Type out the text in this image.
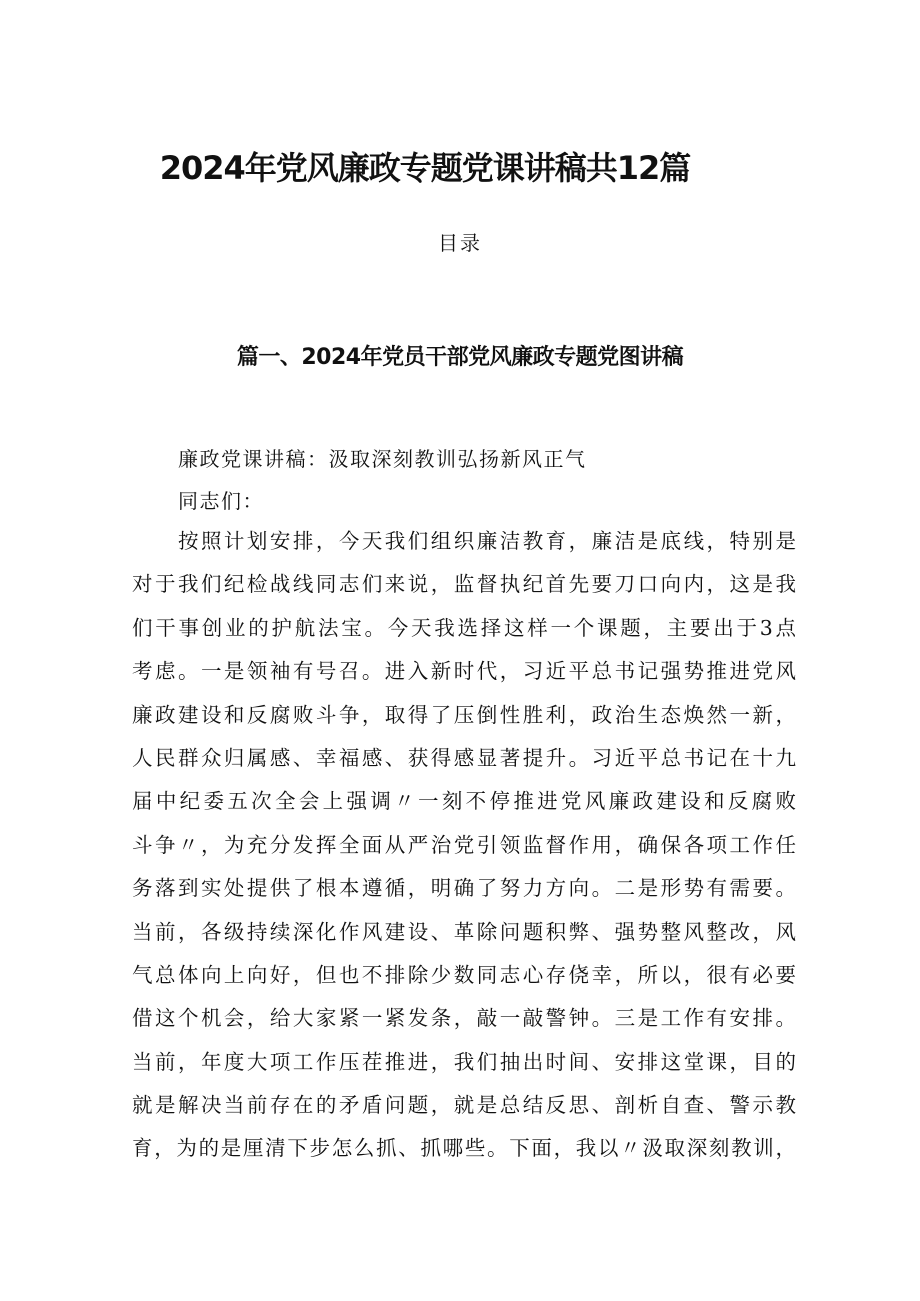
2024年党风廉政专题党课讲稿共12篇
目录
篇一、2024年党员干部党风廉政专题党图讲稿
廉政党课讲稿：汲取深刻教训弘扬新风正气
同志们：
　　按照计划安排，今天我们组织廉洁教育，廉洁是底线，特别是
对于我们纪检战线同志们来说，监督执纪首先要刀口向内，这是我
们干事创业的护航法宝。今天我选择这样一个课题，主要出于3点
考虑。一是领袖有号召。进入新时代，习近平总书记强势推进党风
廉政建设和反腐败斗争，取得了压倒性胜利，政治生态焕然一新，
人民群众归属感、幸福感、获得感显著提升。习近平总书记在十九
届中纪委五次全会上强调〃一刻不停推进党风廉政建设和反腐败
斗争〃，为充分发挥全面从严治党引领监督作用，确保各项工作任
务落到实处提供了根本遵循，明确了努力方向。二是形势有需要。
当前，各级持续深化作风建设、革除问题积弊、强势整风整改，风
气总体向上向好，但也不排除少数同志心存侥幸，所以，很有必要
借这个机会，给大家紧一紧发条，敲一敲警钟。三是工作有安排。
当前，年度大项工作压茬推进，我们抽出时间、安排这堂课，目的
就是解决当前存在的矛盾问题，就是总结反思、剖析自查、警示教
育，为的是厘清下步怎么抓、抓哪些。下面，我以〃汲取深刻教训，
